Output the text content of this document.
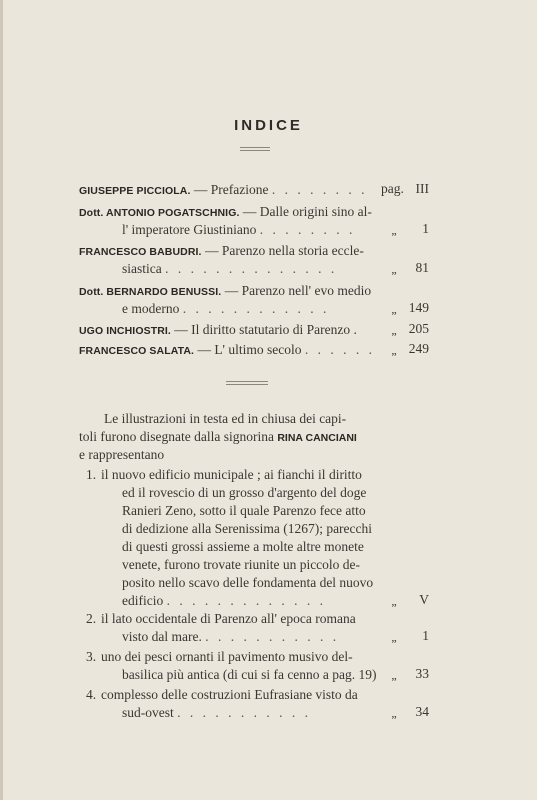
INDICE
GIUSEPPE PICCIOLA. — Prefazione . . . . . . . . pag. III
Dott. ANTONIO POGATSCHNIG. — Dalle origini sino al-
l' imperatore Giustiniano . . . . . . . .	„	1
FRANCESCO BABUDRI. — Parenzo nella storia eccle-
siastica . . . . . . . . . . . . . .	„	81
Dott. BERNARDO BENUSSI. — Parenzo nell' evo medio
e moderno . . . . . . . . . . . .	„ 149
UGO INCHIOSTRI. — Il diritto statutario di Parenzo .	„ 205
FRANCESCO SALATA. — L' ultimo secolo . . . . . .	„ 249
Le illustrazioni in testa ed in chiusa dei capi-
toli furono disegnate dalla signorina RINA CANCIANI
e rappresentano
1. il nuovo edificio municipale ; ai fianchi il diritto
ed il rovescio di un grosso d'argento del doge
Ranieri Zeno, sotto il quale Parenzo fece atto
di dedizione alla Serenissima (1267); parecchi
di questi grossi assieme a molte altre monete
venete, furono trovate riunite un piccolo de-
posito nello scavo delle fondamenta del nuovo
edificio . . . . . . . . . . . . .	„	V
2. il lato occidentale di Parenzo all' epoca romana
visto dal mare. . . . . . . . . . . .	„	1
3. uno dei pesci ornanti il pavimento musivo del-
basilica più antica (di cui si fa cenno a pag. 19)	„	33
4. complesso delle costruzioni Eufrasiane visto da
sud-ovest . . . . . . . . . . .	„	34
